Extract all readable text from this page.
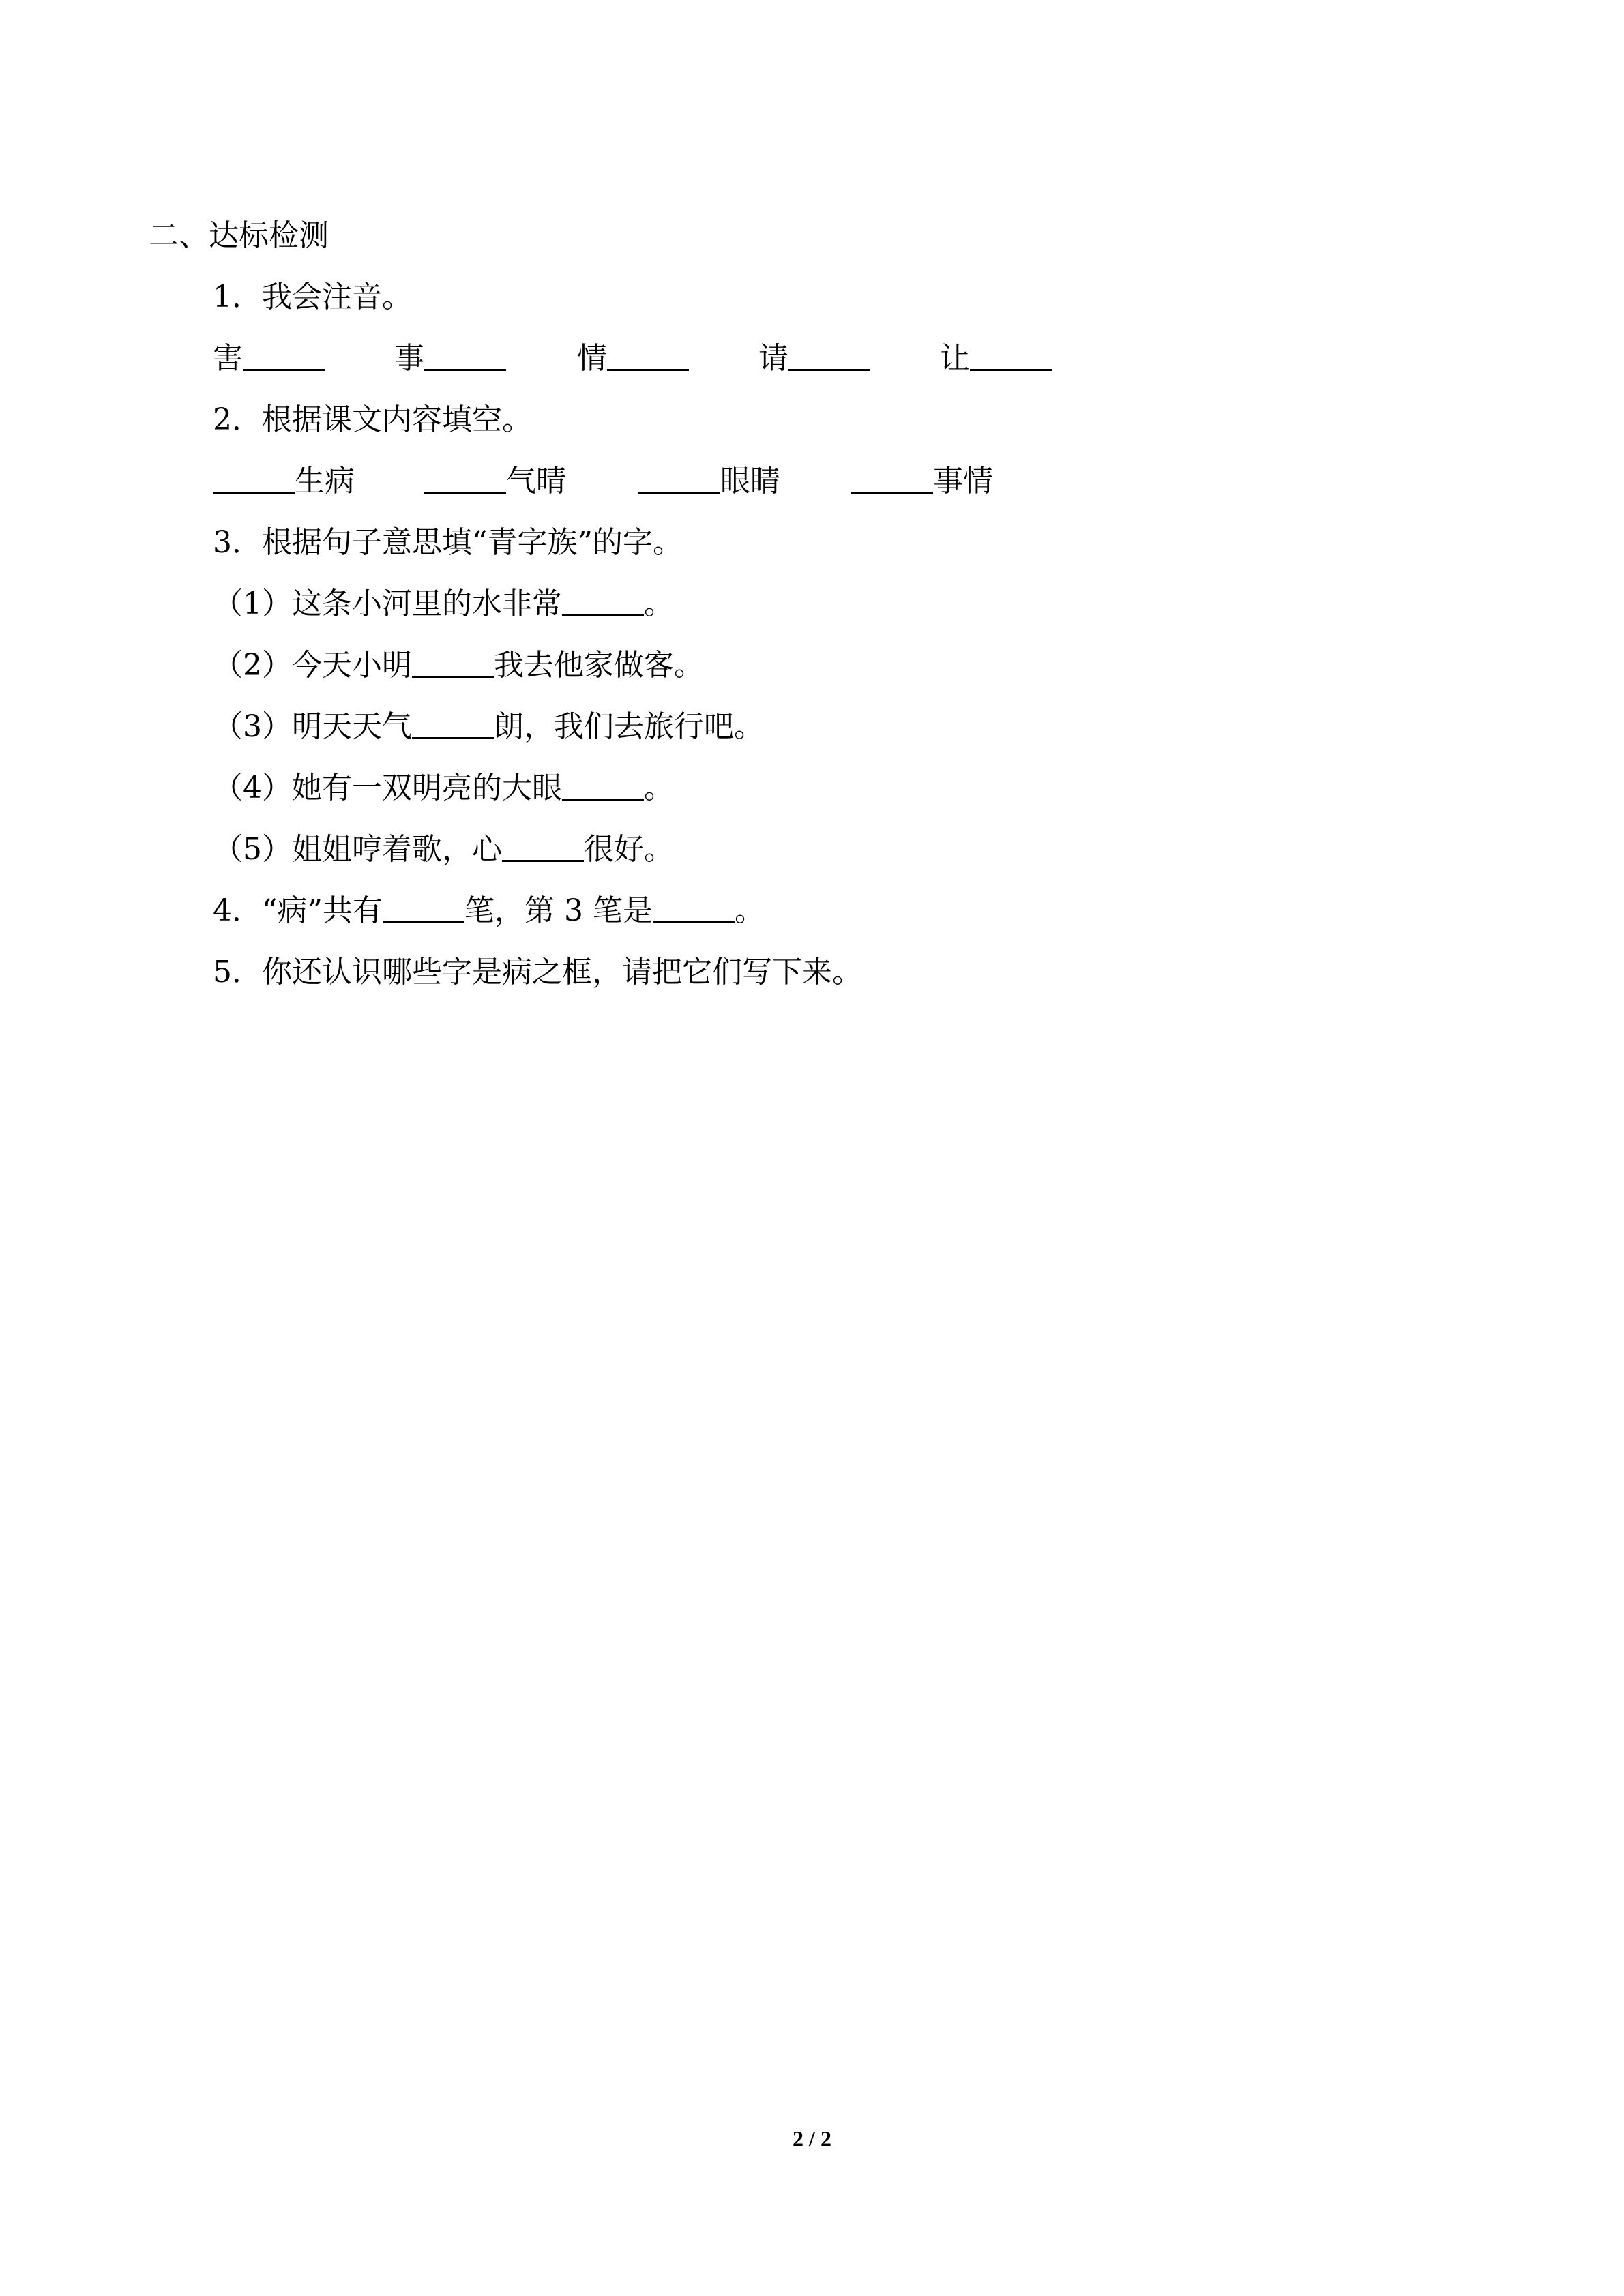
二、达标检测
1．我会注音。
害	事	情	请	让
2．根据课文内容填空。
生病	气晴	眼睛	事情
3．根据句子意思填“青字族”的字。
（1）这条小河里的水非常	。
（2）今天小明	我去他家做客。
（3）明天天气	朗，我们去旅行吧。
（4）她有一双明亮的大眼	。
（5）姐姐哼着歌，心	很好。
4．“病”共有	笔，第 3 笔是	。
5．你还认识哪些字是病之框，请把它们写下来。
2 / 2
